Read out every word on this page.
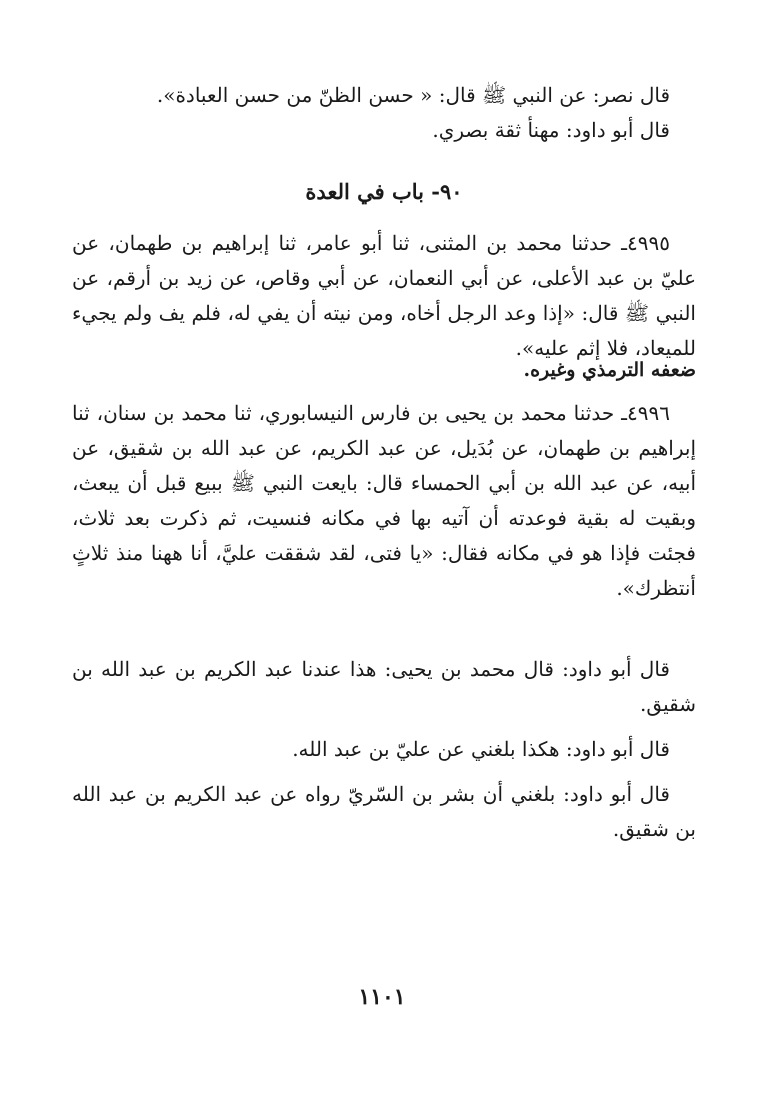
قال نصر: عن النبي ﷺ قال: « حسن الظنّ من حسن العبادة».

قال أبو داود: مهنأ ثقة بصري.

٩٠- باب في العدة

٤٩٩٥ـ حدثنا محمد بن المثنى، ثنا أبو عامر، ثنا إبراهيم بن طهمان، عن عليّ بن عبد الأعلى، عن أبي النعمان، عن أبي وقاص، عن زيد بن أرقم، عن النبي ﷺ قال: «إذا وعد الرجل أخاه، ومن نيته أن يفي له، فلم يف ولم يجيء للميعاد، فلا إثم عليه».

ضعفه الترمذي وغيره.

٤٩٩٦ـ حدثنا محمد بن يحيى بن فارس النيسابوري، ثنا محمد بن سنان، ثنا إبراهيم بن طهمان، عن بُدَيل، عن عبد الكريم، عن عبد الله بن شقيق، عن أبيه، عن عبد الله بن أبي الحمساء قال: بايعت النبي ﷺ ببيع قبل أن يبعث، وبقيت له بقية فوعدته أن آتيه بها في مكانه فنسيت، ثم ذكرت بعد ثلاث، فجئت فإذا هو في مكانه فقال: «يا فتى، لقد شققت عليَّ، أنا ههنا منذ ثلاثٍ أنتظرك».

قال أبو داود: قال محمد بن يحيى: هذا عندنا عبد الكريم بن عبد الله بن شقيق.

قال أبو داود: هكذا بلغني عن عليّ بن عبد الله.

قال أبو داود: بلغني أن بشر بن السّريّ رواه عن عبد الكريم بن عبد الله بن شقيق.

١١٠١
